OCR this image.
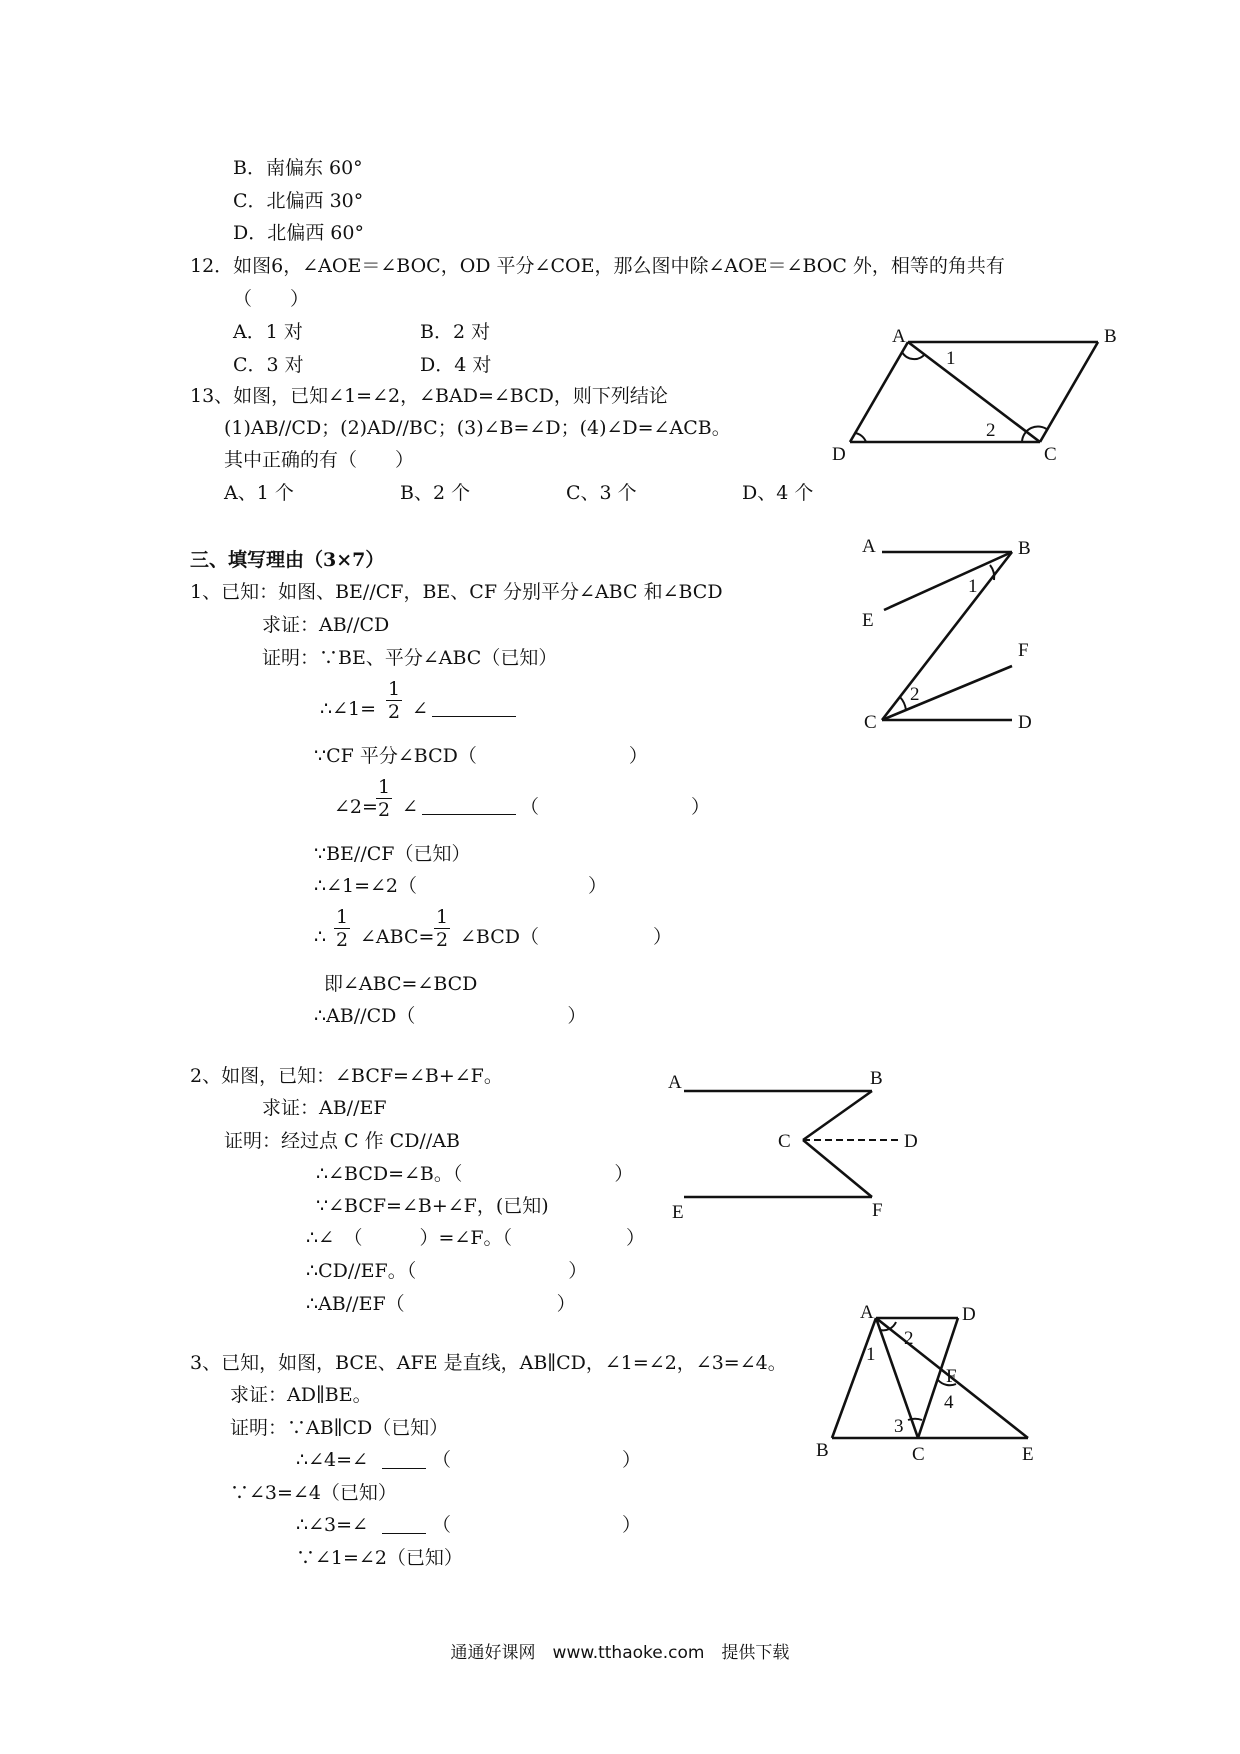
B．南偏东 60°
C．北偏西 30°
D．北偏西 60°
12．如图6，∠AOE＝∠BOC，OD 平分∠COE，那么图中除∠AOE＝∠BOC 外，相等的角共有
（　　）
A．1 对	B．2 对
C．3 对	D．4 对
13、如图，已知∠1=∠2，∠BAD=∠BCD，则下列结论
(1)AB//CD；(2)AD//BC；(3)∠B=∠D；(4)∠D=∠ACB。
其中正确的有（　　）
A、1 个	B、2 个	C、3 个	D、4 个
A	B
C
D
1
2
三、填写理由（3×7）
1、已知：如图、BE//CF，BE、CF 分别平分∠ABC 和∠BCD
求证：AB//CD
证明：∵BE、平分∠ABC（已知）
∴∠1= $\frac{1}{2}$ ∠
∵CF 平分∠BCD（　　　　　　　　）
∠2=
$\frac{1}{2}$ ∠	（　　　　　　　　）
∵BE//CF（已知）
∴∠1=∠2（　　　　　　　　　）
∴ $\frac{1}{2}$ ∠ABC= $\frac{1}{2}$ ∠BCD（　　　　　　）
即∠ABC=∠BCD
∴AB//CD（　　　　　　　　）
A	B
C	D
E
F
1
2
2、如图，已知：∠BCF=∠B+∠F。
求证：AB//EF
证明：经过点 C 作 CD//AB
∴∠BCD=∠B。（　　　　　　　　）
∵∠BCF=∠B+∠F，(已知)
∴∠　（　　　）=∠F。（　　　　　　）
∴CD//EF。（　　　　　　　　）
∴AB//EF（　　　　　　　　）
A	B
C	D
E	F
3、已知，如图，BCE、AFE 是直线，AB∥CD，∠1=∠2，∠3=∠4。
求证：AD∥BE。
证明：∵AB∥CD（已知）
∴∠4=∠	（　　　　　　　　　）
∵∠3=∠4（已知）
∴∠3=∠	（　　　　　　　　　）
∵∠1=∠2（已知）
A	D
F
B	C	E
1
2
3
4
通通好课网　www.tthaoke.com　提供下载
